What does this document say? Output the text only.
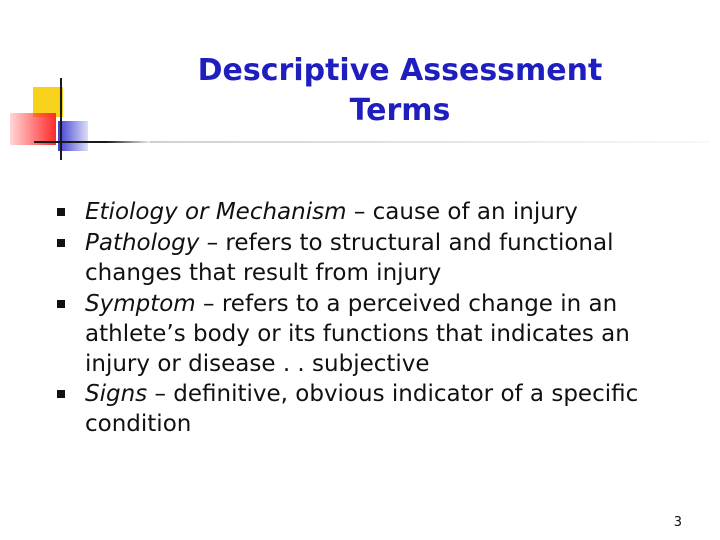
Descriptive Assessment
Terms
Etiology or Mechanism – cause of an injury
Pathology – refers to structural and functional changes that result from injury
Symptom – refers to a perceived change in an athlete’s body or its functions that indicates an injury or disease . . subjective
Signs – definitive, obvious indicator of a specific condition
3
